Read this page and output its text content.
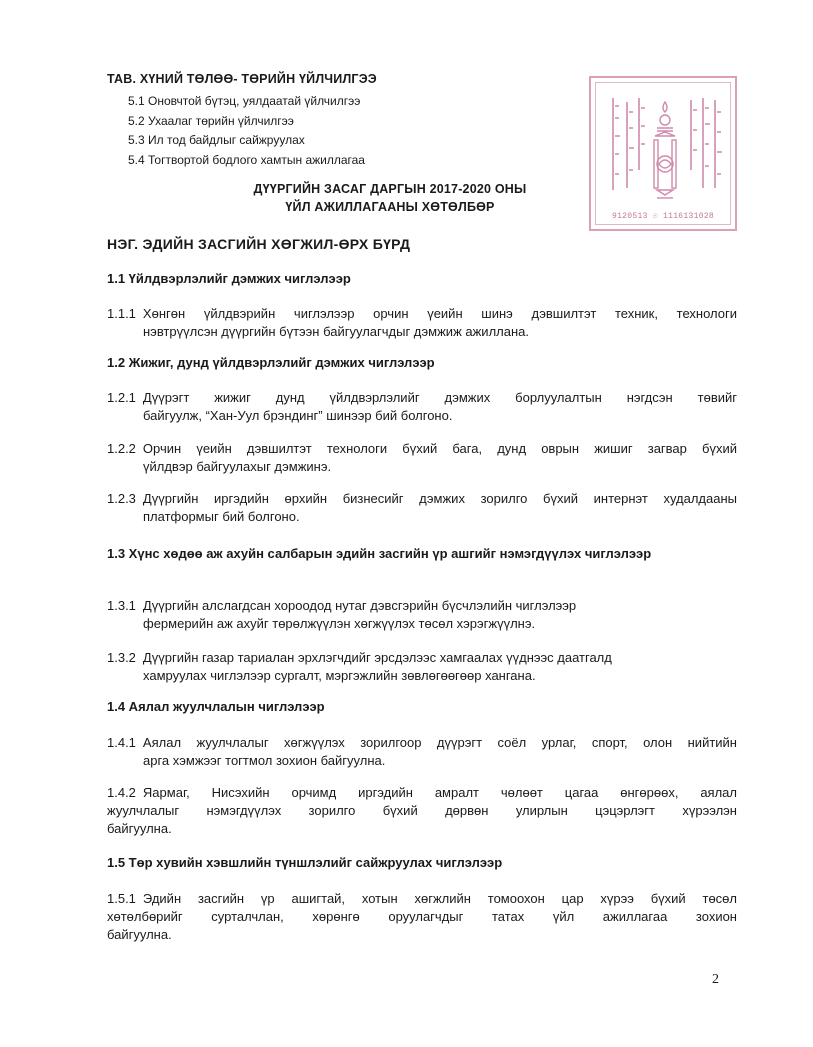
ТАВ. ХҮНИЙ ТӨЛӨӨ- ТӨРИЙН ҮЙЛЧИЛГЭЭ
5.1 Оновчтой бүтэц, уялдаатай үйлчилгээ
5.2 Ухаалаг төрийн үйлчилгээ
5.3 Ил тод байдлыг сайжруулах
5.4 Тогтвортой бодлого хамтын ажиллагаа
ДҮҮРГИЙН ЗАСАГ ДАРГЫН 2017-2020 ОНЫ
ҮЙЛ АЖИЛЛАГААНЫ ХӨТӨЛБӨР
9120513 ☉ 1116131028
НЭГ. ЭДИЙН ЗАСГИЙН ХӨГЖИЛ-ӨРХ БҮРД
1.1 Үйлдвэрлэлийг дэмжих чиглэлээр
1.1.1 Хөнгөн үйлдвэрийн чиглэлээр орчин үеийн шинэ дэвшилтэт техник, технологи
нэвтрүүлсэн дүүргийн бүтээн байгуулагчдыг дэмжиж ажиллана.
1.2 Жижиг, дунд үйлдвэрлэлийг дэмжих чиглэлээр
1.2.1 Дүүрэгт жижиг дунд үйлдвэрлэлийг дэмжих борлуулалтын нэгдсэн төвийг
байгуулж, “Хан-Уул брэндинг” шинээр бий болгоно.
1.2.2 Орчин үеийн дэвшилтэт технологи бүхий бага, дунд оврын жишиг загвар бүхий
үйлдвэр байгуулахыг дэмжинэ.
1.2.3 Дүүргийн иргэдийн өрхийн бизнесийг дэмжих зорилго бүхий интернэт худалдааны
платформыг бий болгоно.
1.3 Хүнс хөдөө аж ахуйн салбарын эдийн засгийн үр ашгийг нэмэгдүүлэх чиглэлээр
1.3.1 Дүүргийн алслагдсан хороодод нутаг дэвсгэрийн бүсчлэлийн чиглэлээр
фермерийн аж ахуйг төрөлжүүлэн хөгжүүлэх төсөл хэрэгжүүлнэ.
1.3.2 Дүүргийн газар тариалан эрхлэгчдийг эрсдэлээс хамгаалах үүднээс даатгалд
хамруулах чиглэлээр сургалт, мэргэжлийн зөвлөгөөгөөр хангана.
1.4 Аялал жуулчлалын чиглэлээр
1.4.1 Аялал жуулчлалыг хөгжүүлэх зорилгоор дүүрэгт соёл урлаг, спорт, олон нийтийн
арга хэмжээг тогтмол зохион байгуулна.
1.4.2 Яармаг, Нисэхийн орчимд иргэдийн амралт чөлөөт цагаа өнгөрөөх, аялал
жуулчлалыг нэмэгдүүлэх зорилго бүхий дөрвөн улирлын цэцэрлэгт хүрээлэн
байгуулна.
1.5 Төр хувийн хэвшлийн түншлэлийг сайжруулах чиглэлээр
1.5.1 Эдийн засгийн үр ашигтай, хотын хөгжлийн томоохон цар хүрээ бүхий төсөл
хөтөлбөрийг сурталчлан, хөрөнгө оруулагчдыг татах үйл ажиллагаа зохион
байгуулна.
2
